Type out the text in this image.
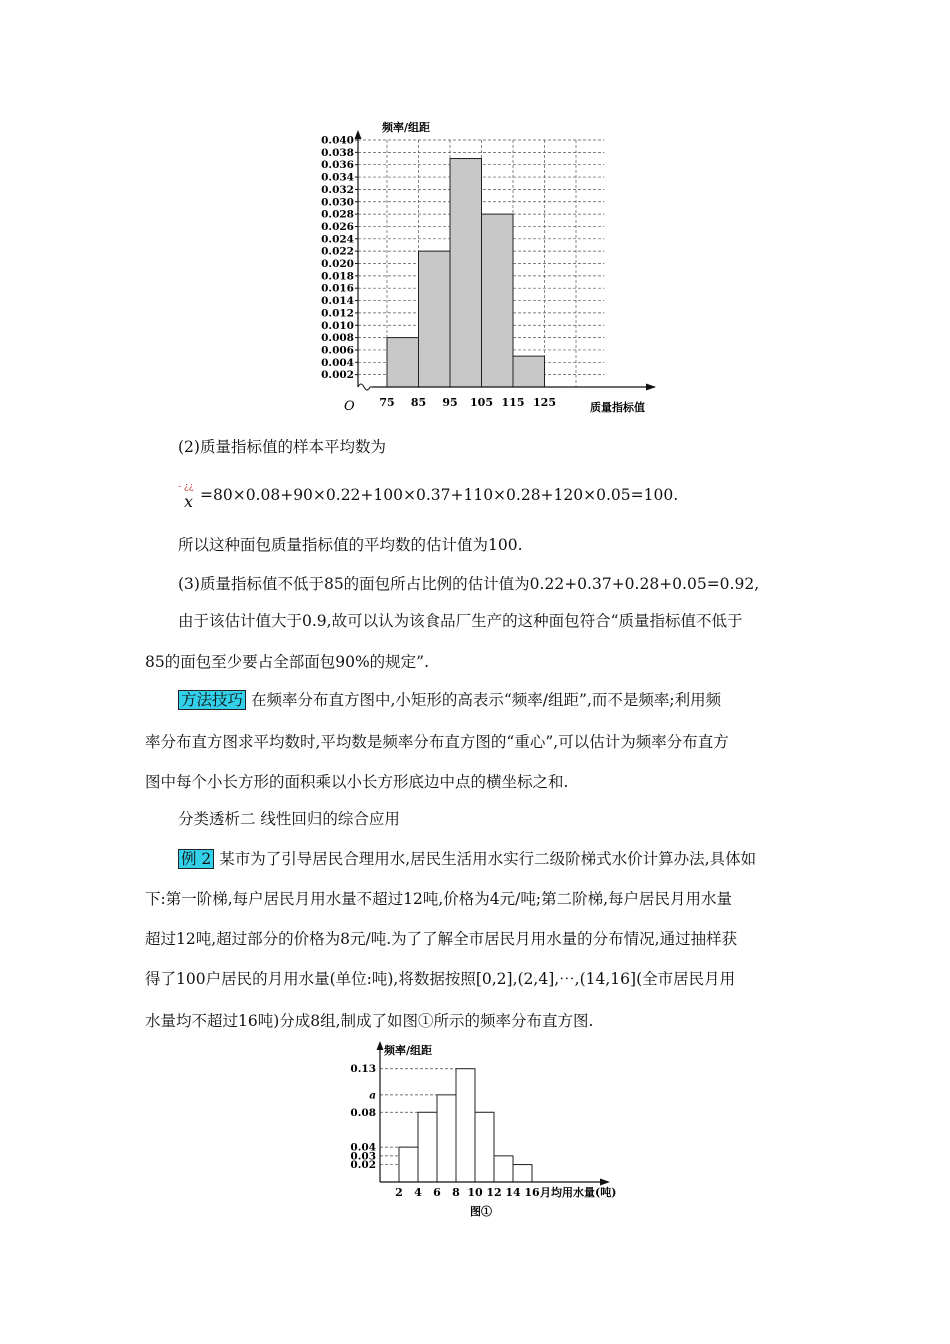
0.002
0.004
0.006
0.008
0.010
0.012
0.014
0.016
0.018
0.020
0.022
0.024
0.026
0.028
0.030
0.032
0.034
0.036
0.038
0.040
75 85 95 105 115 125
频率/组距
质量指标值
O
(2)质量指标值的样本平均数为
- ¿¿
x =80×0.08+90×0.22+100×0.37+110×0.28+120×0.05=100.
所以这种面包质量指标值的平均数的估计值为100.
(3)质量指标值不低于85的面包所占比例的估计值为0.22+0.37+0.28+0.05=0.92,
由于该估计值大于0.9,故可以认为该食品厂生产的这种面包符合“质量指标值不低于
85的面包至少要占全部面包90%的规定”.
方法技巧 在频率分布直方图中,小矩形的高表示“频率/组距”,而不是频率;利用频
率分布直方图求平均数时,平均数是频率分布直方图的“重心”,可以估计为频率分布直方
图中每个小长方形的面积乘以小长方形底边中点的横坐标之和.
分类透析二 线性回归的综合应用
例 2 某市为了引导居民合理用水,居民生活用水实行二级阶梯式水价计算办法,具体如
下:第一阶梯,每户居民月用水量不超过12吨,价格为4元/吨;第二阶梯,每户居民月用水量
超过12吨,超过部分的价格为8元/吨.为了了解全市居民月用水量的分布情况,通过抽样获
得了100户居民的月用水量(单位:吨),将数据按照[0,2],(2,4],⋯,(14,16](全市居民月用
水量均不超过16吨)分成8组,制成了如图①所示的频率分布直方图.
0.02
0.03
0.04
0.08
a
0.13
2 4 6 8 10 12 14 16
频率/组距
月均用水量(吨)
图①
